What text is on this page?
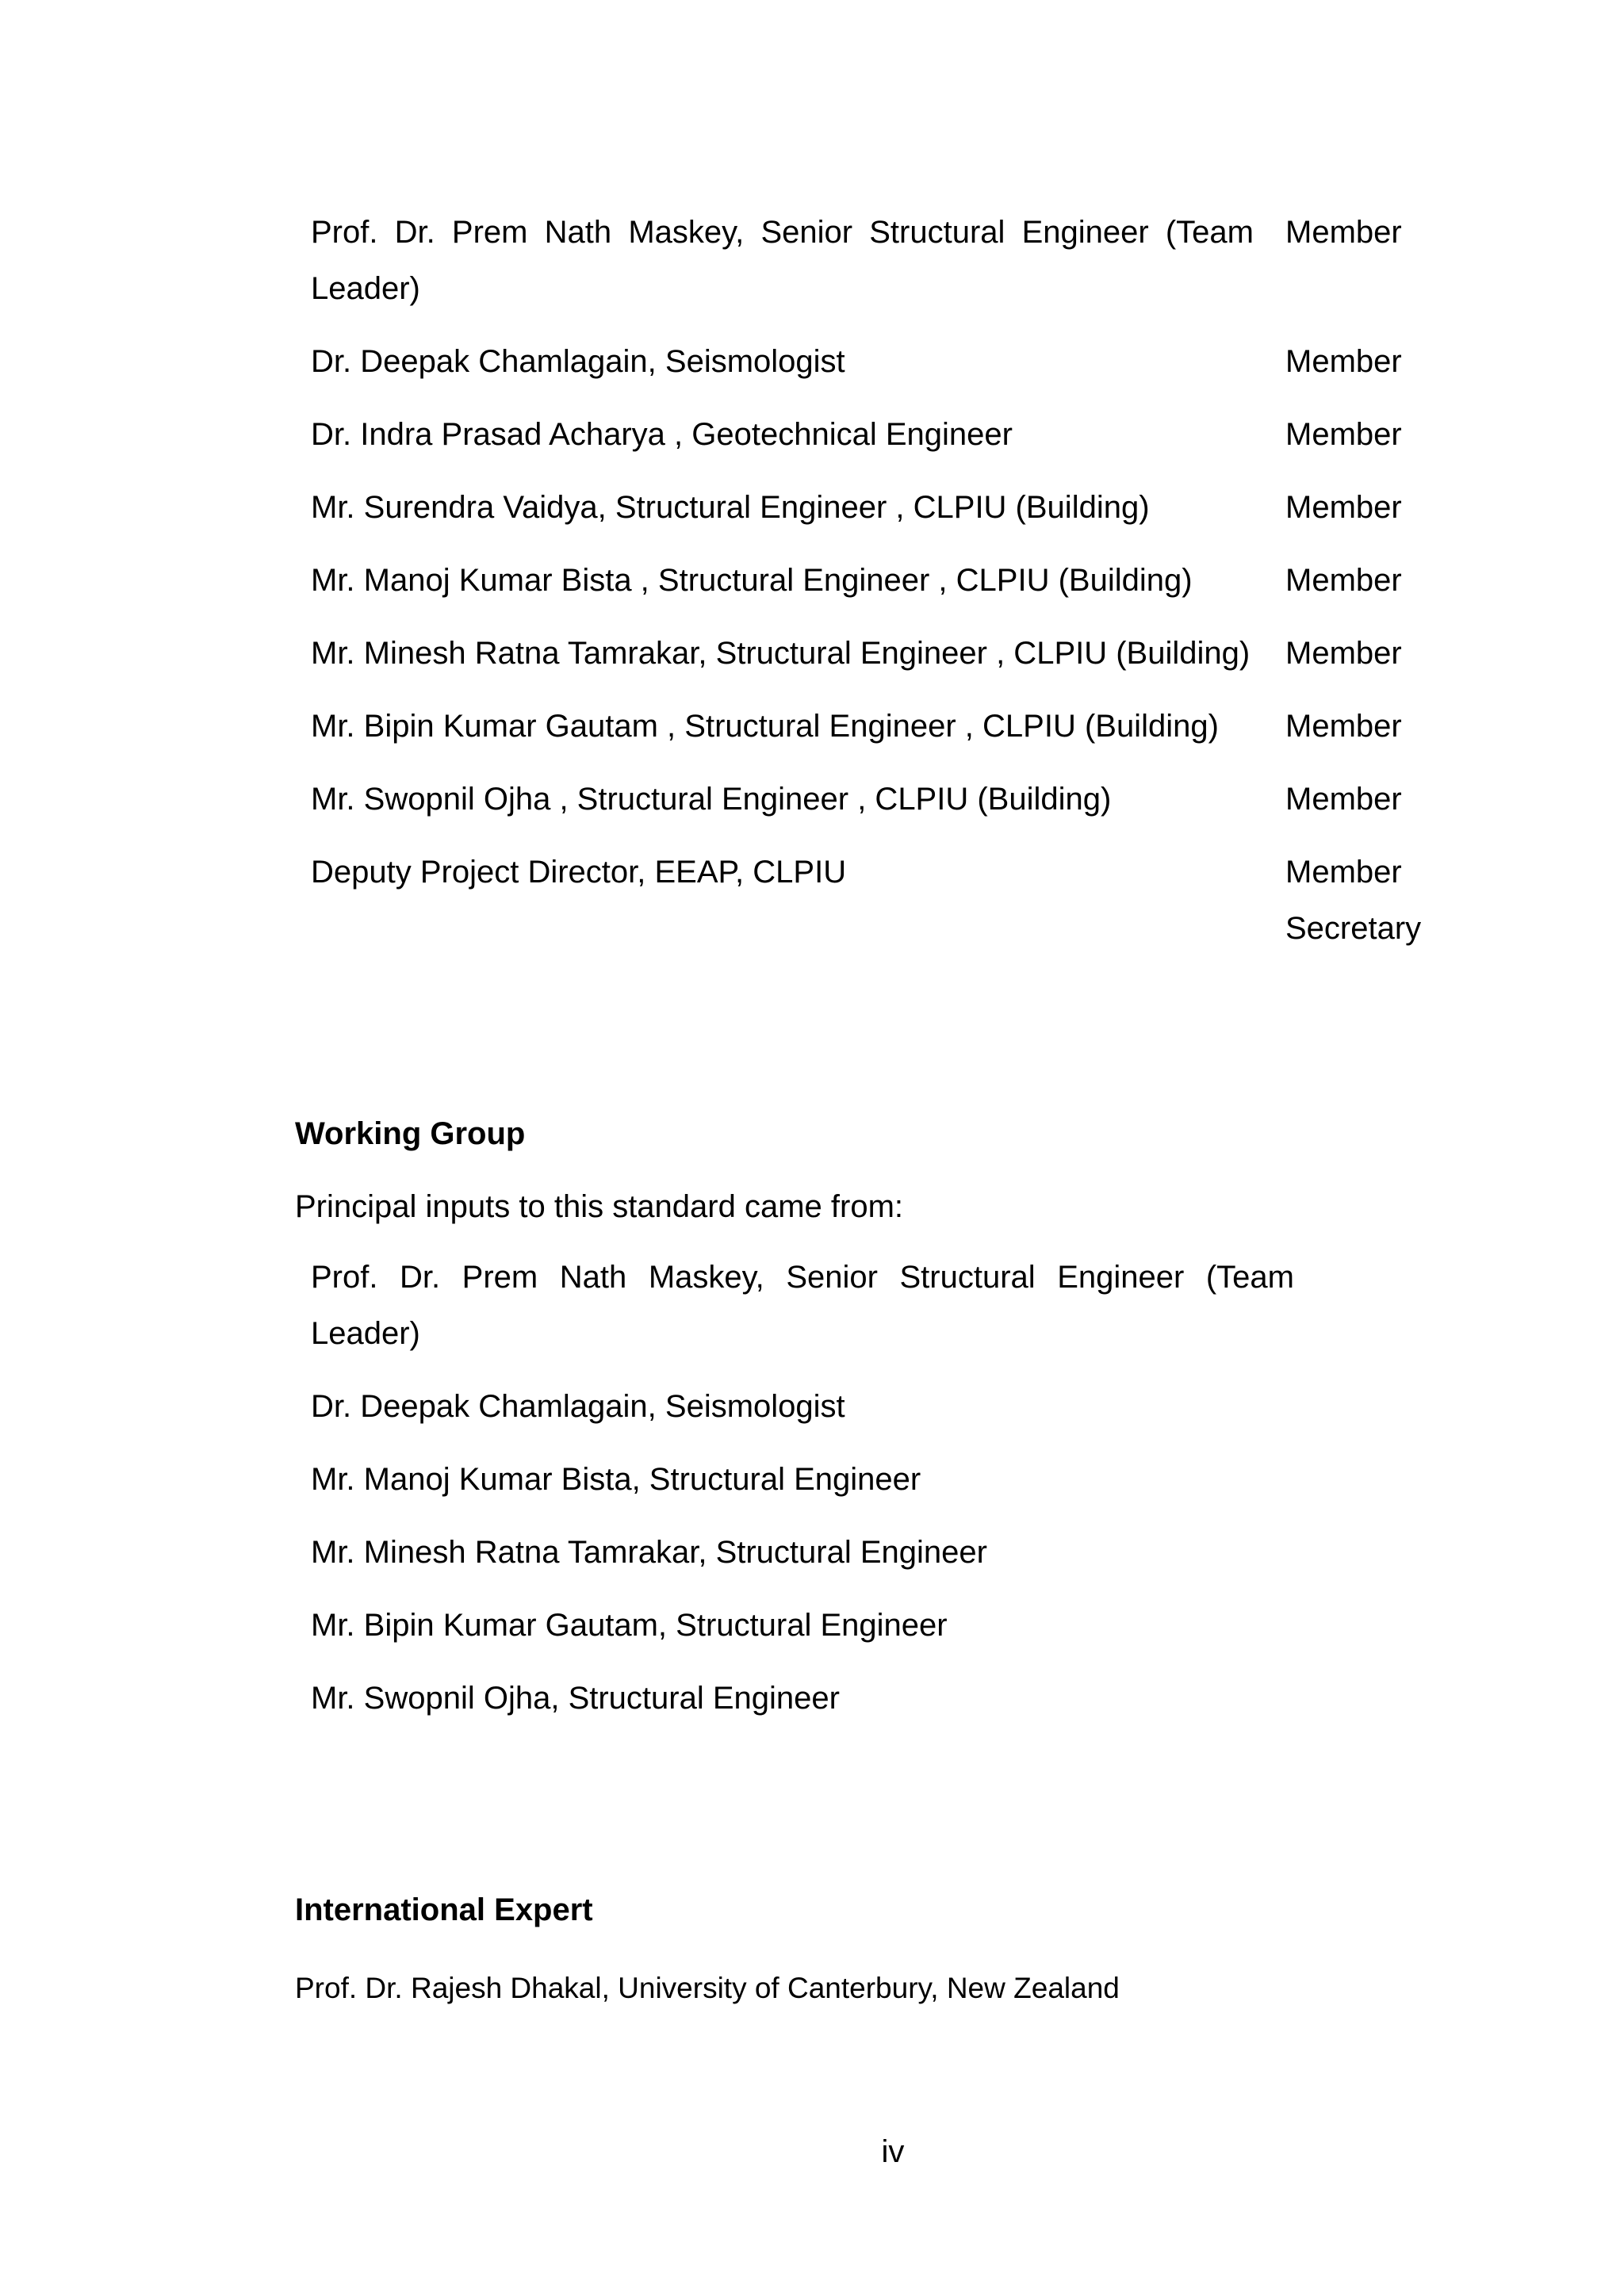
Prof. Dr. Prem Nath Maskey, Senior Structural Engineer (Team Leader)	Member
Dr. Deepak Chamlagain, Seismologist	Member
Dr. Indra Prasad Acharya , Geotechnical Engineer	Member
Mr. Surendra Vaidya, Structural Engineer , CLPIU (Building)	Member
Mr. Manoj Kumar Bista , Structural Engineer , CLPIU (Building)	Member
Mr. Minesh Ratna Tamrakar, Structural Engineer , CLPIU (Building)	Member
Mr. Bipin Kumar Gautam , Structural Engineer , CLPIU (Building)	Member
Mr. Swopnil Ojha , Structural Engineer , CLPIU (Building)	Member
Deputy Project Director, EEAP, CLPIU	Member Secretary
Working Group
Principal inputs to this standard came from:
Prof. Dr. Prem Nath Maskey, Senior Structural Engineer (Team Leader)
Dr. Deepak Chamlagain, Seismologist
Mr. Manoj Kumar Bista, Structural Engineer
Mr. Minesh Ratna Tamrakar, Structural Engineer
Mr. Bipin Kumar Gautam, Structural Engineer
Mr. Swopnil Ojha, Structural Engineer
International Expert
Prof. Dr. Rajesh Dhakal, University of Canterbury, New Zealand
iv
